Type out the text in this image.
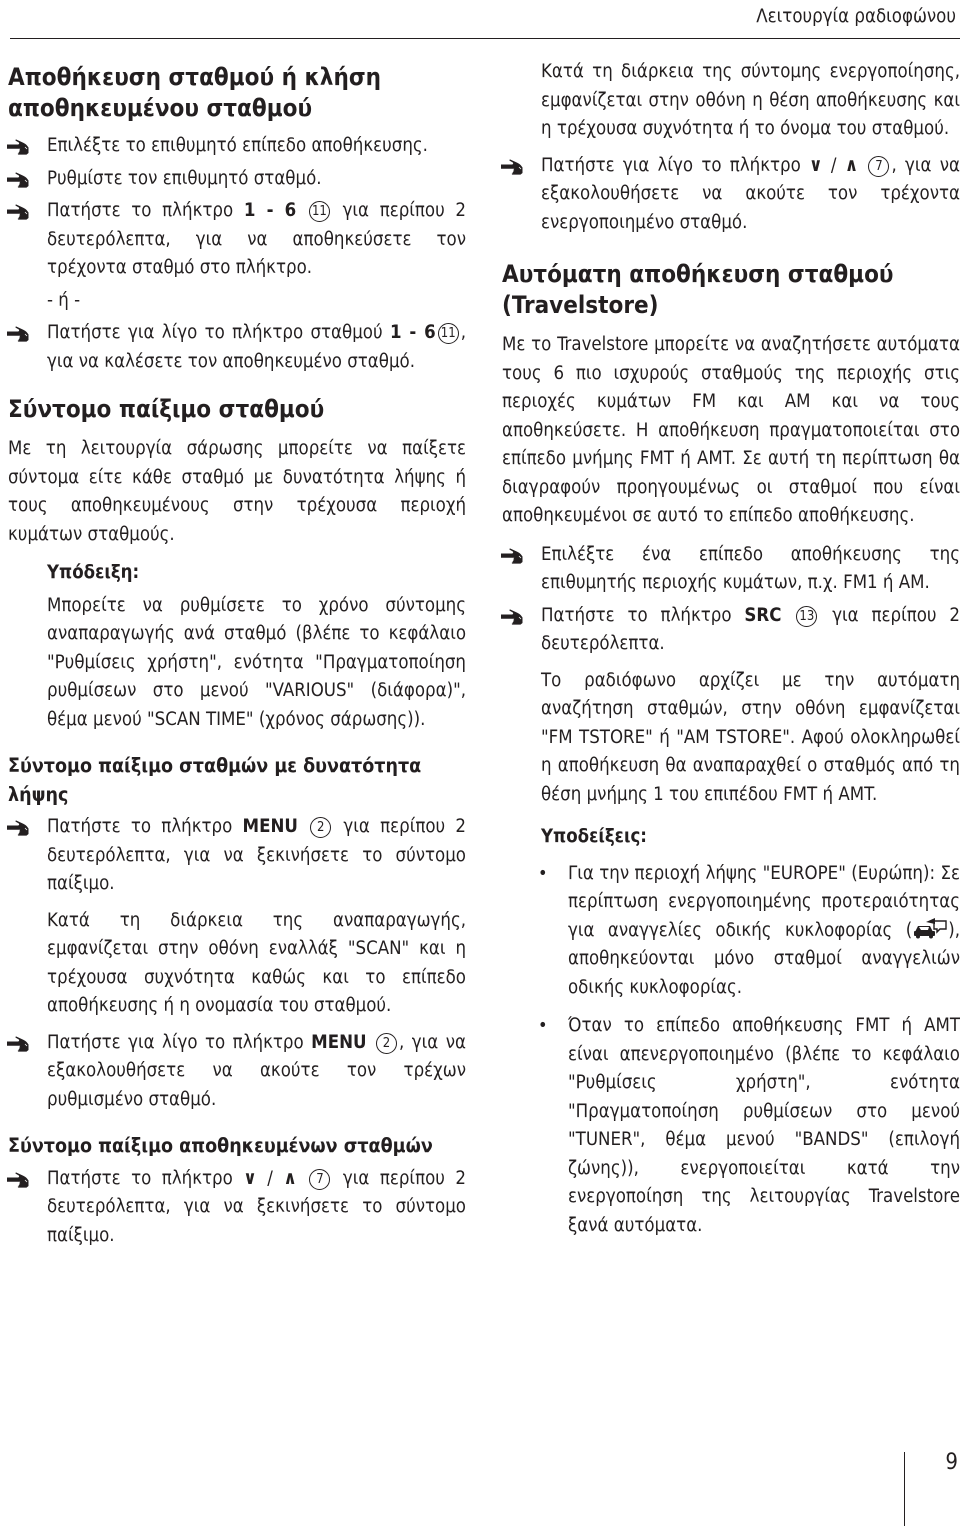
Λειτουργία ραδιοφώνου
Αποθήκευση σταθμού ή κλήση αποθηκευμένου σταθμού
Επιλέξτε το επιθυμητό επίπεδο αποθήκευσης.
Ρυθμίστε τον επιθυμητό σταθμό.
Πατήστε το πλήκτρο 1 - 6 11 για περίπου 2 δευτερόλεπτα, για να αποθηκεύσετε τον τρέχοντα σταθμό στο πλήκτρο.
- ή -
Πατήστε για λίγο το πλήκτρο σταθμού 1 - 6 11 , για να καλέσετε τον αποθηκευμένο σταθμό.
Σύντομο παίξιμο σταθμού
Με τη λειτουργία σάρωσης μπορείτε να παίξετε σύντομα είτε κάθε σταθμό με δυνατότητα λήψης ή τους αποθηκευμένους στην τρέχουσα περιοχή κυμάτων σταθμούς.
Υπόδειξη:
Μπορείτε να ρυθμίσετε το χρόνο σύντομης αναπαραγωγής ανά σταθμό (βλέπε το κεφάλαιο "Ρυθμίσεις χρήστη", ενότητα "Πραγματοποίηση ρυθμίσεων στο μενού "VARIOUS" (διάφορα)", θέμα μενού "SCAN TIME" (χρόνος σάρωσης)).
Σύντομο παίξιμο σταθμών με δυνατότητα λήψης
Πατήστε το πλήκτρο MENU 2 για περίπου 2 δευτερόλεπτα, για να ξεκινήσετε το σύντομο παίξιμο.
Κατά τη διάρκεια της αναπαραγωγής, εμφανίζεται στην οθόνη εναλλάξ "SCAN" και η τρέχουσα συχνότητα καθώς και το επίπεδο αποθήκευσης ή η ονομασία του σταθμού.
Πατήστε για λίγο το πλήκτρο MENU 2 , για να εξακολουθήσετε να ακούτε τον τρέχων ρυθμισμένο σταθμό.
Σύντομο παίξιμο αποθηκευμένων σταθμών
Πατήστε το πλήκτρο ∨ / ∧ 7 για περίπου 2 δευτερόλεπτα, για να ξεκινήσετε το σύντομο παίξιμο.
Κατά τη διάρκεια της σύντομης ενεργοποίησης, εμφανίζεται στην οθόνη η θέση αποθήκευσης και η τρέχουσα συχνότητα ή το όνομα του σταθμού.
Πατήστε για λίγο το πλήκτρο ∨ / ∧ 7 , για να εξακολουθήσετε να ακούτε τον τρέχοντα ενεργοποιημένο σταθμό.
Αυτόματη αποθήκευση σταθμού (Travelstore)
Με το Travelstore μπορείτε να αναζητήσετε αυτόματα τους 6 πιο ισχυρούς σταθμούς της περιοχής στις περιοχές κυμάτων FM και AM και να τους αποθηκεύσετε. Η αποθήκευση πραγματοποιείται στο επίπεδο μνήμης FMT ή AMT. Σε αυτή τη περίπτωση θα διαγραφούν προηγουμένως οι σταθμοί που είναι αποθηκευμένοι σε αυτό το επίπεδο αποθήκευσης.
Επιλέξτε ένα επίπεδο αποθήκευσης της επιθυμητής περιοχής κυμάτων, π.χ. FM1 ή AM.
Πατήστε το πλήκτρο SRC 13 για περίπου 2 δευτερόλεπτα.
Το ραδιόφωνο αρχίζει με την αυτόματη αναζήτηση σταθμών, στην οθόνη εμφανίζεται "FM TSTORE" ή "AM TSTORE". Αφού ολοκληρωθεί η αποθήκευση θα αναπαραχθεί ο σταθμός από τη θέση μνήμης 1 του επιπέδου FMT ή AMT.
Υποδείξεις:
• Για την περιοχή λήψης "EUROPE" (Ευρώπη): Σε περίπτωση ενεργοποιημένης προτεραιότητας για αναγγελίες οδικής κυκλοφορίας ( ), αποθηκεύονται μόνο σταθμοί αναγγελιών οδικής κυκλοφορίας.
• Όταν το επίπεδο αποθήκευσης FMT ή AMT είναι απενεργοποιημένο (βλέπε το κεφάλαιο "Ρυθμίσεις χρήστη", ενότητα "Πραγματοποίηση ρυθμίσεων στο μενού "TUNER", θέμα μενού "BANDS" (επιλογή ζώνης)), ενεργοποιείται κατά την ενεργοποίηση της λειτουργίας Travelstore ξανά αυτόματα.
9
